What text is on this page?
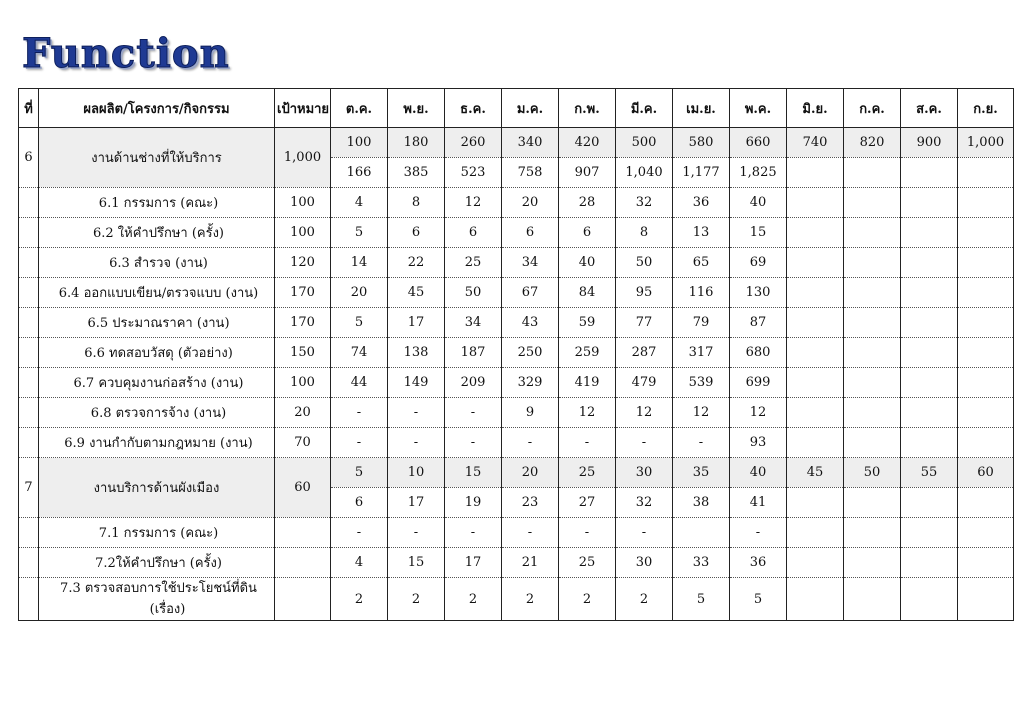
Function
ที่	ผลผลิต/โครงการ/กิจกรรม	เป้าหมาย	ต.ค.	พ.ย.	ธ.ค.	ม.ค.	ก.พ.	มี.ค.	เม.ย.	พ.ค.	มิ.ย.	ก.ค.	ส.ค.	ก.ย.
6	งานด้านช่างที่ให้บริการ	1,000	100	180	260	340	420	500	580	660	740	820	900	1,000
			166	385	523	758	907	1,040	1,177	1,825				

	6.1 กรรมการ (คณะ)	100	4	8	12	20	28	32	36	40				

	6.2 ให้คำปรึกษา (ครั้ง)	100	5	6	6	6	6	8	13	15				

	6.3 สำรวจ (งาน)	120	14	22	25	34	40	50	65	69				

	6.4 ออกแบบเขียน/ตรวจแบบ (งาน)	170	20	45	50	67	84	95	116	130				

	6.5 ประมาณราคา (งาน)	170	5	17	34	43	59	77	79	87				

	6.6 ทดสอบวัสดุ (ตัวอย่าง)	150	74	138	187	250	259	287	317	680				

	6.7 ควบคุมงานก่อสร้าง (งาน)	100	44	149	209	329	419	479	539	699				

	6.8 ตรวจการจ้าง (งาน)	20	-	-	-	9	12	12	12	12				

	6.9 งานกำกับตามกฎหมาย (งาน)	70	-	-	-	-	-	-	-	93				
7	งานบริการด้านผังเมือง	60	5	10	15	20	25	30	35	40	45	50	55	60
			6	17	19	23	27	32	38	41				

	7.1 กรรมการ (คณะ)		-	-	-	-	-	-		-				

	7.2ให้คำปรึกษา (ครั้ง)		4	15	17	21	25	30	33	36				

	7.3 ตรวจสอบการใช้ประโยชน์ที่ดิน
(เรื่อง)		2	2	2	2	2	2	5	5				
